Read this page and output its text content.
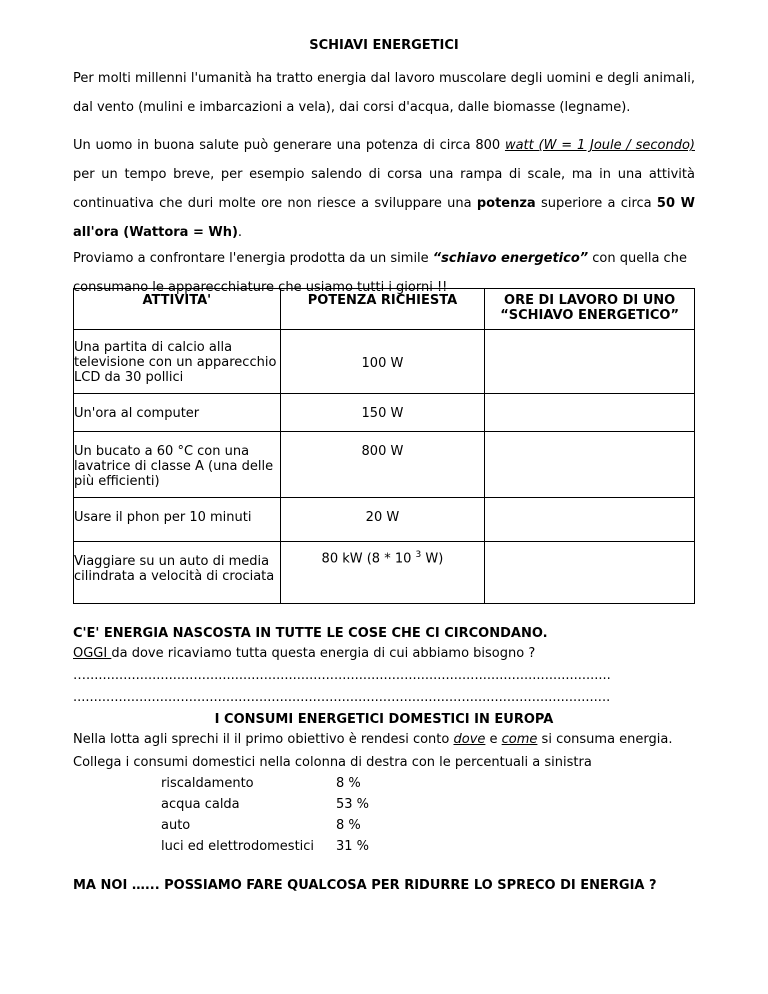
SCHIAVI ENERGETICI
Per molti millenni l'umanità ha tratto energia dal lavoro muscolare degli uomini e degli animali, dal vento (mulini e imbarcazioni a vela), dai corsi d'acqua, dalle biomasse (legname).
Un uomo in buona salute può generare una potenza di circa 800 watt (W = 1 Joule / secondo) per un tempo breve, per esempio salendo di corsa una rampa di scale, ma in una attività continuativa che duri molte ore non riesce a sviluppare una potenza superiore a circa 50 W all'ora (Wattora = Wh).
Proviamo a confrontare l'energia prodotta da un simile “schiavo energetico” con quella che consumano le apparecchiature che usiamo tutti i giorni !!
ATTIVITA'	POTENZA RICHIESTA	ORE DI LAVORO DI UNO “SCHIAVO ENERGETICO”
Una partita di calcio alla televisione con un apparecchio LCD da 30 pollici	100 W	
Un'ora al computer	150 W	
Un bucato a 60 °C con una lavatrice di classe A (una delle più efficienti)	800 W	
Usare il phon per 10 minuti	20 W	
Viaggiare su un auto di media cilindrata a velocità di crociata	80 kW (8 * 10 $^3$ W)	
C'E' ENERGIA NASCOSTA IN TUTTE LE COSE CHE CI CIRCONDANO.
OGGI da dove ricaviamo tutta questa energia di cui abbiamo bisogno ?
…...............................................................................................................................
..................................................................................................................................
I CONSUMI ENERGETICI DOMESTICI IN EUROPA
Nella lotta agli sprechi il il primo obiettivo è rendesi conto dove e come si consuma energia.
Collega i consumi domestici nella colonna di destra con le percentuali a sinistra
riscaldamento	8 %
acqua calda	53 %
auto	8 %
luci ed elettrodomestici 31 %
MA NOI …... POSSIAMO FARE QUALCOSA PER RIDURRE LO SPRECO DI ENERGIA ?
